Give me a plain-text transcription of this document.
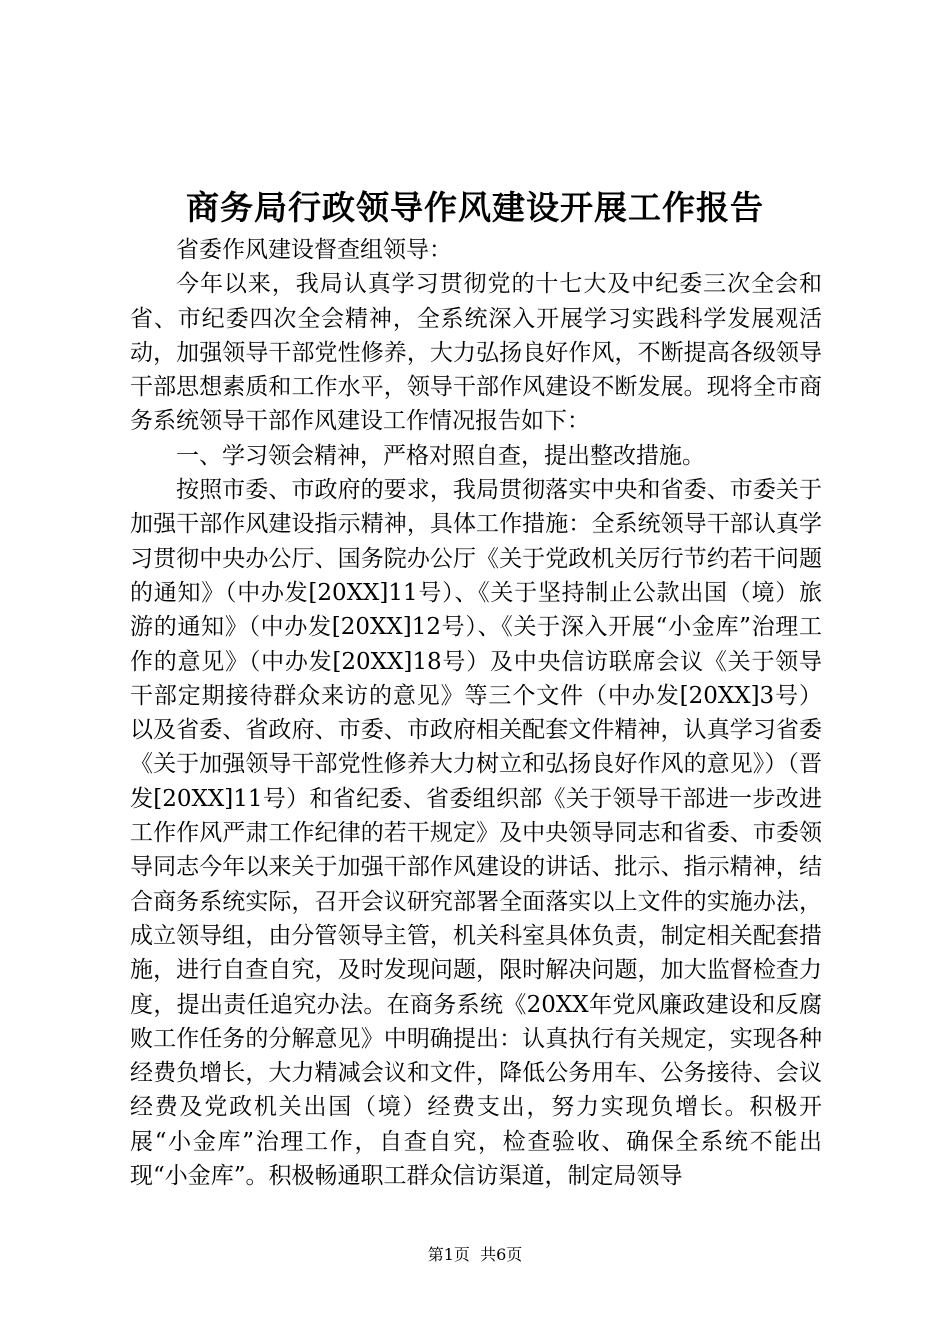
商务局行政领导作风建设开展工作报告

省委作风建设督查组领导：

今年以来，我局认真学习贯彻党的十七大及中纪委三次全会和省、市纪委四次全会精神，全系统深入开展学习实践科学发展观活动，加强领导干部党性修养，大力弘扬良好作风，不断提高各级领导干部思想素质和工作水平，领导干部作风建设不断发展。现将全市商务系统领导干部作风建设工作情况报告如下：

一、学习领会精神，严格对照自查，提出整改措施。

按照市委、市政府的要求，我局贯彻落实中央和省委、市委关于加强干部作风建设指示精神，具体工作措施：全系统领导干部认真学习贯彻中央办公厅、国务院办公厅《关于党政机关厉行节约若干问题的通知》（中办发[20XX]11号）、《关于坚持制止公款出国（境）旅游的通知》（中办发[20XX]12号）、《关于深入开展“小金库”治理工作的意见》（中办发[20XX]18号）及中央信访联席会议《关于领导干部定期接待群众来访的意见》等三个文件（中办发[20XX]3号）以及省委、省政府、市委、市政府相关配套文件精神，认真学习省委《关于加强领导干部党性修养大力树立和弘扬良好作风的意见》）（晋发[20XX]11号）和省纪委、省委组织部《关于领导干部进一步改进工作作风严肃工作纪律的若干规定》及中央领导同志和省委、市委领导同志今年以来关于加强干部作风建设的讲话、批示、指示精神，结合商务系统实际，召开会议研究部署全面落实以上文件的实施办法，成立领导组，由分管领导主管，机关科室具体负责，制定相关配套措施，进行自查自究，及时发现问题，限时解决问题，加大监督检查力度，提出责任追究办法。在商务系统《20XX年党风廉政建设和反腐败工作任务的分解意见》中明确提出：认真执行有关规定，实现各种经费负增长，大力精减会议和文件，降低公务用车、公务接待、会议经费及党政机关出国（境）经费支出，努力实现负增长。积极开展“小金库”治理工作，自查自究，检查验收、确保全系统不能出现“小金库”。积极畅通职工群众信访渠道，制定局领导

第1页 共6页
